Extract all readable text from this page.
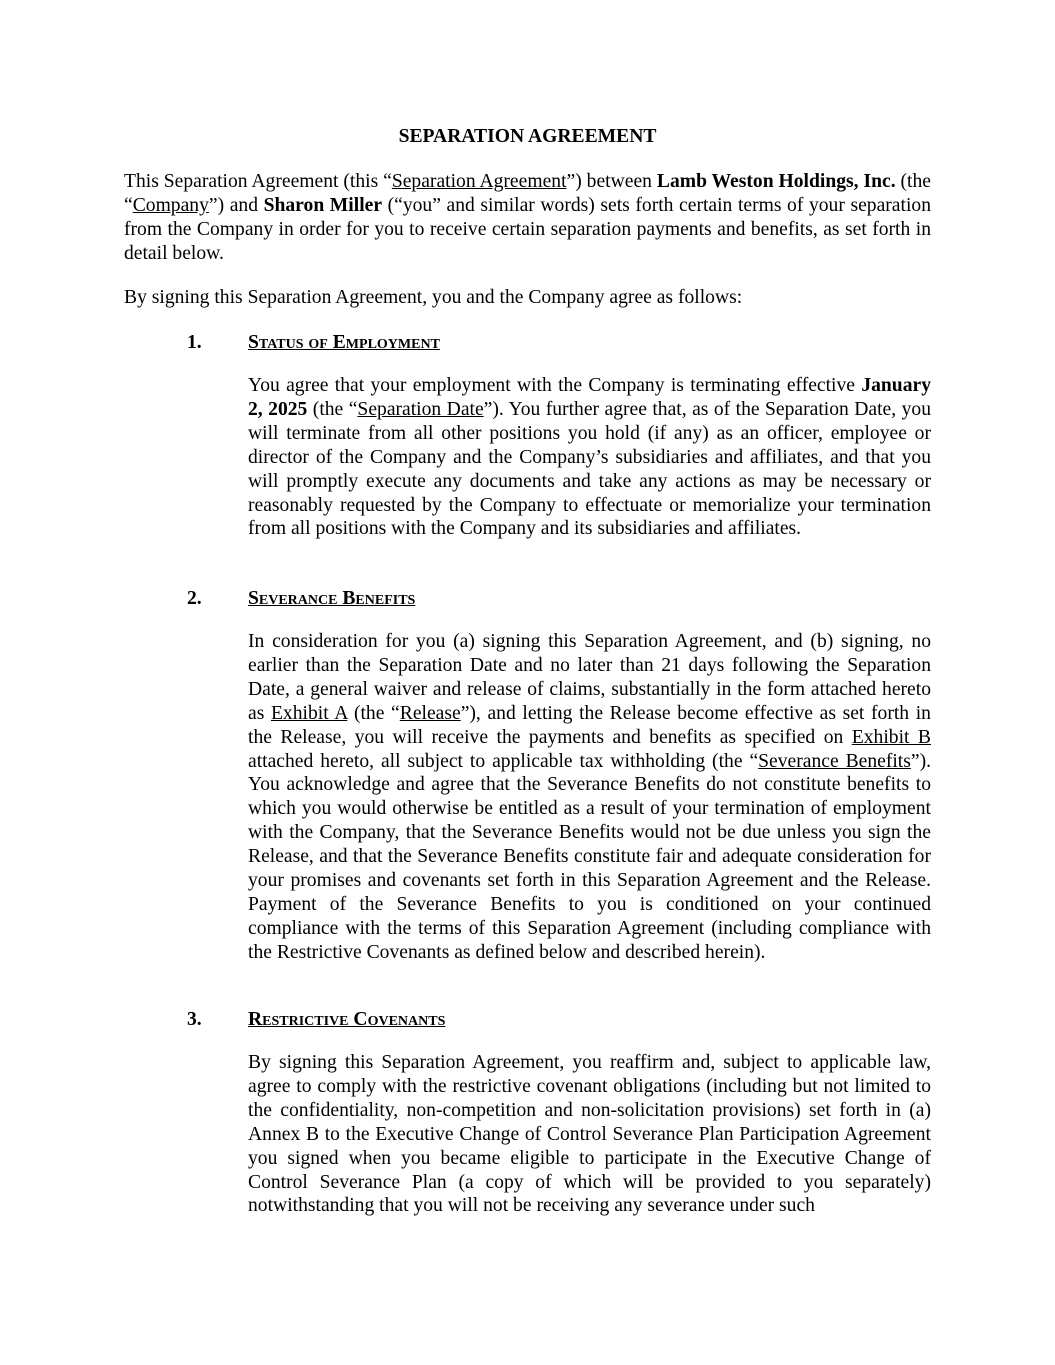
SEPARATION AGREEMENT

This Separation Agreement (this “Separation Agreement”) between Lamb Weston Holdings, Inc. (the “Company”) and Sharon Miller (“you” and similar words) sets forth certain terms of your separation from the Company in order for you to receive certain separation payments and benefits, as set forth in detail below.

By signing this Separation Agreement, you and the Company agree as follows:

1. Status of Employment

You agree that your employment with the Company is terminating effective January 2, 2025 (the “Separation Date”). You further agree that, as of the Separation Date, you will terminate from all other positions you hold (if any) as an officer, employee or director of the Company and the Company’s subsidiaries and affiliates, and that you will promptly execute any documents and take any actions as may be necessary or reasonably requested by the Company to effectuate or memorialize your termination from all positions with the Company and its subsidiaries and affiliates.

2. Severance Benefits

In consideration for you (a) signing this Separation Agreement, and (b) signing, no earlier than the Separation Date and no later than 21 days following the Separation Date, a general waiver and release of claims, substantially in the form attached hereto as Exhibit A (the “Release”), and letting the Release become effective as set forth in the Release, you will receive the payments and benefits as specified on Exhibit B attached hereto, all subject to applicable tax withholding (the “Severance Benefits”). You acknowledge and agree that the Severance Benefits do not constitute benefits to which you would otherwise be entitled as a result of your termination of employment with the Company, that the Severance Benefits would not be due unless you sign the Release, and that the Severance Benefits constitute fair and adequate consideration for your promises and covenants set forth in this Separation Agreement and the Release. Payment of the Severance Benefits to you is conditioned on your continued compliance with the terms of this Separation Agreement (including compliance with the Restrictive Covenants as defined below and described herein).

3. Restrictive Covenants

By signing this Separation Agreement, you reaffirm and, subject to applicable law, agree to comply with the restrictive covenant obligations (including but not limited to the confidentiality, non-competition and non-solicitation provisions) set forth in (a) Annex B to the Executive Change of Control Severance Plan Participation Agreement you signed when you became eligible to participate in the Executive Change of Control Severance Plan (a copy of which will be provided to you separately) notwithstanding that you will not be receiving any severance under such
